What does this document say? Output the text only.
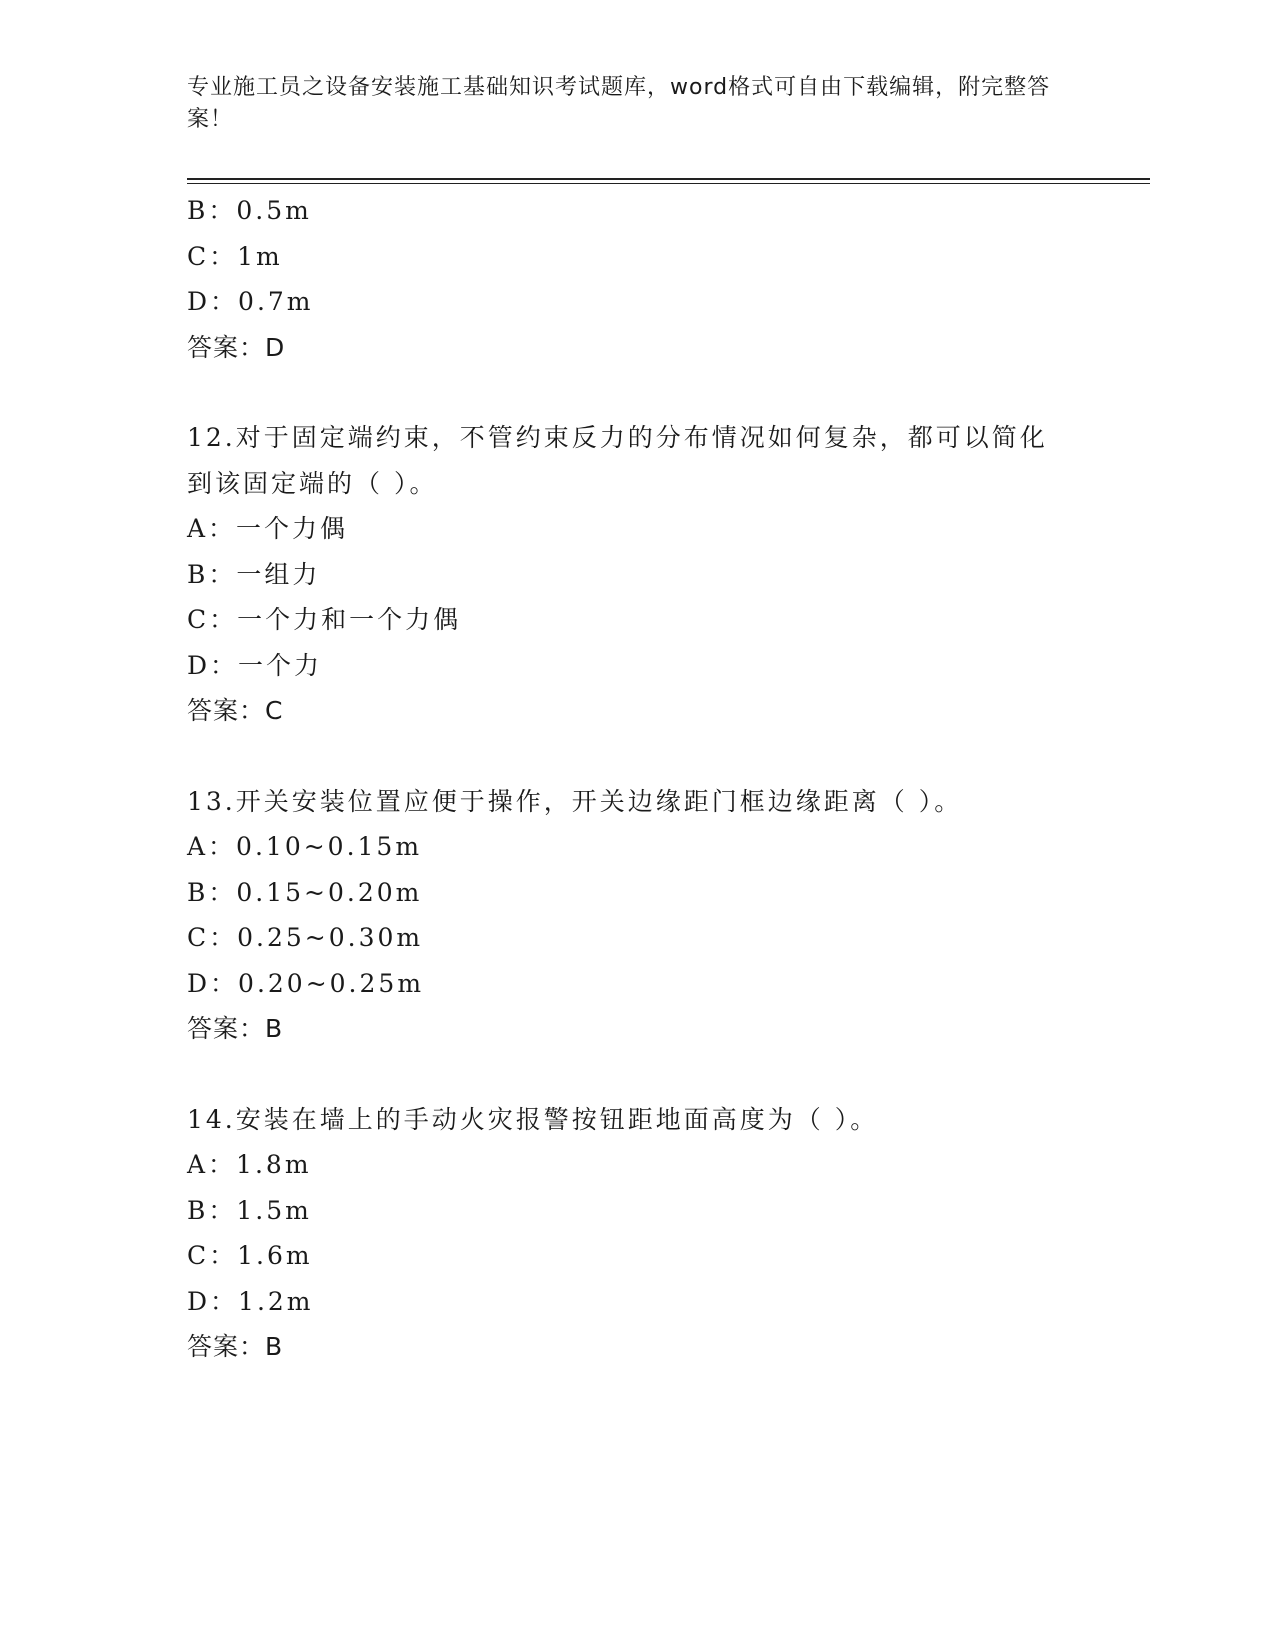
专业施工员之设备安装施工基础知识考试题库，word格式可自由下载编辑，附完整答案！
B：0.5m
C：1m
D：0.7m
答案：D
12.对于固定端约束，不管约束反力的分布情况如何复杂，都可以简化到该固定端的（ ）。
A：一个力偶
B：一组力
C：一个力和一个力偶
D：一个力
答案：C
13.开关安装位置应便于操作，开关边缘距门框边缘距离（ ）。
A：0.10~0.15m
B：0.15~0.20m
C：0.25~0.30m
D：0.20~0.25m
答案：B
14.安装在墙上的手动火灾报警按钮距地面高度为（ ）。
A：1.8m
B：1.5m
C：1.6m
D：1.2m
答案：B
